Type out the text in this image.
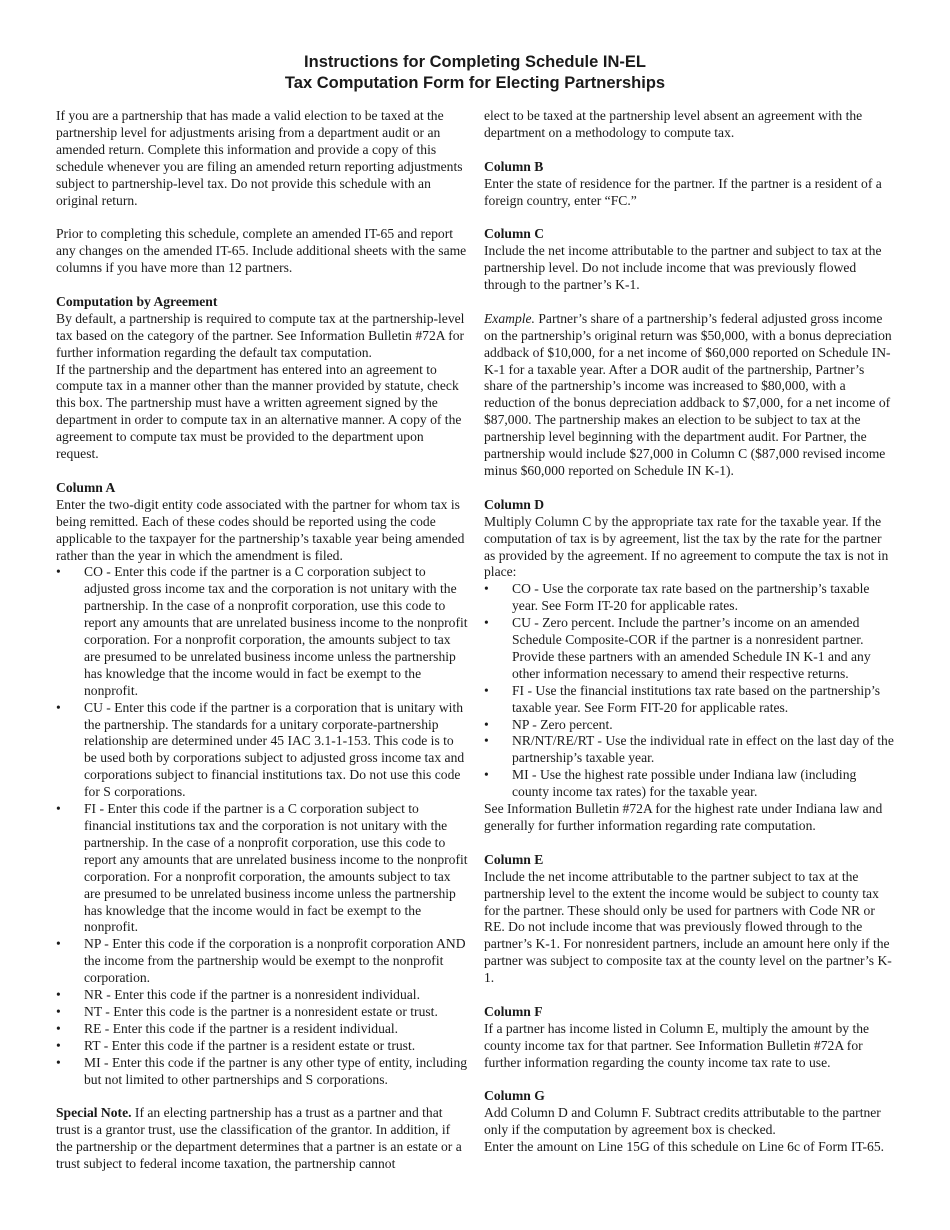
Instructions for Completing Schedule IN-EL
Tax Computation Form for Electing Partnerships

If you are a partnership that has made a valid election to be taxed at the partnership level for adjustments arising from a department audit or an amended return. Complete this information and provide a copy of this schedule whenever you are filing an amended return reporting adjustments subject to partnership-level tax. Do not provide this schedule with an original return.

Prior to completing this schedule, complete an amended IT-65 and report any changes on the amended IT-65. Include additional sheets with the same columns if you have more than 12 partners.

Computation by Agreement

By default, a partnership is required to compute tax at the partnership-level tax based on the category of the partner. See Information Bulletin #72A for further information regarding the default tax computation.

If the partnership and the department has entered into an agreement to compute tax in a manner other than the manner provided by statute, check this box. The partnership must have a written agreement signed by the department in order to compute tax in an alternative manner. A copy of the agreement to compute tax must be provided to the department upon request.

Column A

Enter the two-digit entity code associated with the partner for whom tax is being remitted. Each of these codes should be reported using the code applicable to the taxpayer for the partnership’s taxable year being amended rather than the year in which the amendment is filed.

• CO - Enter this code if the partner is a C corporation subject to adjusted gross income tax and the corporation is not unitary with the partnership. In the case of a nonprofit corporation, use this code to report any amounts that are unrelated business income to the nonprofit corporation. For a nonprofit corporation, the amounts subject to tax are presumed to be unrelated business income unless the partnership has knowledge that the income would in fact be exempt to the nonprofit.
• CU - Enter this code if the partner is a corporation that is unitary with the partnership. The standards for a unitary corporate-partnership relationship are determined under 45 IAC 3.1-1-153. This code is to be used both by corporations subject to adjusted gross income tax and corporations subject to financial institutions tax. Do not use this code for S corporations.
• FI - Enter this code if the partner is a C corporation subject to financial institutions tax and the corporation is not unitary with the partnership. In the case of a nonprofit corporation, use this code to report any amounts that are unrelated business income to the nonprofit corporation. For a nonprofit corporation, the amounts subject to tax are presumed to be unrelated business income unless the partnership has knowledge that the income would in fact be exempt to the nonprofit.
• NP - Enter this code if the corporation is a nonprofit corporation AND the income from the partnership would be exempt to the nonprofit corporation.
• NR - Enter this code if the partner is a nonresident individual.
• NT - Enter this code is the partner is a nonresident estate or trust.
• RE - Enter this code if the partner is a resident individual.
• RT - Enter this code if the partner is a resident estate or trust.
• MI - Enter this code if the partner is any other type of entity, including but not limited to other partnerships and S corporations.

Special Note. If an electing partnership has a trust as a partner and that trust is a grantor trust, use the classification of the grantor. In addition, if the partnership or the department determines that a partner is an estate or a trust subject to federal income taxation, the partnership cannot

elect to be taxed at the partnership level absent an agreement with the department on a methodology to compute tax.

Column B

Enter the state of residence for the partner. If the partner is a resident of a foreign country, enter “FC.”

Column C

Include the net income attributable to the partner and subject to tax at the partnership level. Do not include income that was previously flowed through to the partner’s K-1.

Example. Partner’s share of a partnership’s federal adjusted gross income on the partnership’s original return was $50,000, with a bonus depreciation addback of $10,000, for a net income of $60,000 reported on Schedule IN-K-1 for a taxable year. After a DOR audit of the partnership, Partner’s share of the partnership’s income was increased to $80,000, with a reduction of the bonus depreciation addback to $7,000, for a net income of $87,000. The partnership makes an election to be subject to tax at the partnership level beginning with the department audit. For Partner, the partnership would include $27,000 in Column C ($87,000 revised income minus $60,000 reported on Schedule IN K-1).

Column D

Multiply Column C by the appropriate tax rate for the taxable year. If the computation of tax is by agreement, list the tax by the rate for the partner as provided by the agreement. If no agreement to compute the tax is not in place:

• CO - Use the corporate tax rate based on the partnership’s taxable year. See Form IT-20 for applicable rates.
• CU - Zero percent. Include the partner’s income on an amended Schedule Composite-COR if the partner is a nonresident partner. Provide these partners with an amended Schedule IN K-1 and any other information necessary to amend their respective returns.
• FI - Use the financial institutions tax rate based on the partnership’s taxable year. See Form FIT-20 for applicable rates.
• NP - Zero percent.
• NR/NT/RE/RT - Use the individual rate in effect on the last day of the partnership’s taxable year.
• MI - Use the highest rate possible under Indiana law (including county income tax rates) for the taxable year.

See Information Bulletin #72A for the highest rate under Indiana law and generally for further information regarding rate computation.

Column E

Include the net income attributable to the partner subject to tax at the partnership level to the extent the income would be subject to county tax for the partner. These should only be used for partners with Code NR or RE. Do not include income that was previously flowed through to the partner’s K-1. For nonresident partners, include an amount here only if the partner was subject to composite tax at the county level on the partner’s K-1.

Column F

If a partner has income listed in Column E, multiply the amount by the county income tax for that partner. See Information Bulletin #72A for further information regarding the county income tax rate to use.

Column G

Add Column D and Column F. Subtract credits attributable to the partner only if the computation by agreement box is checked.

Enter the amount on Line 15G of this schedule on Line 6c of Form IT-65.
